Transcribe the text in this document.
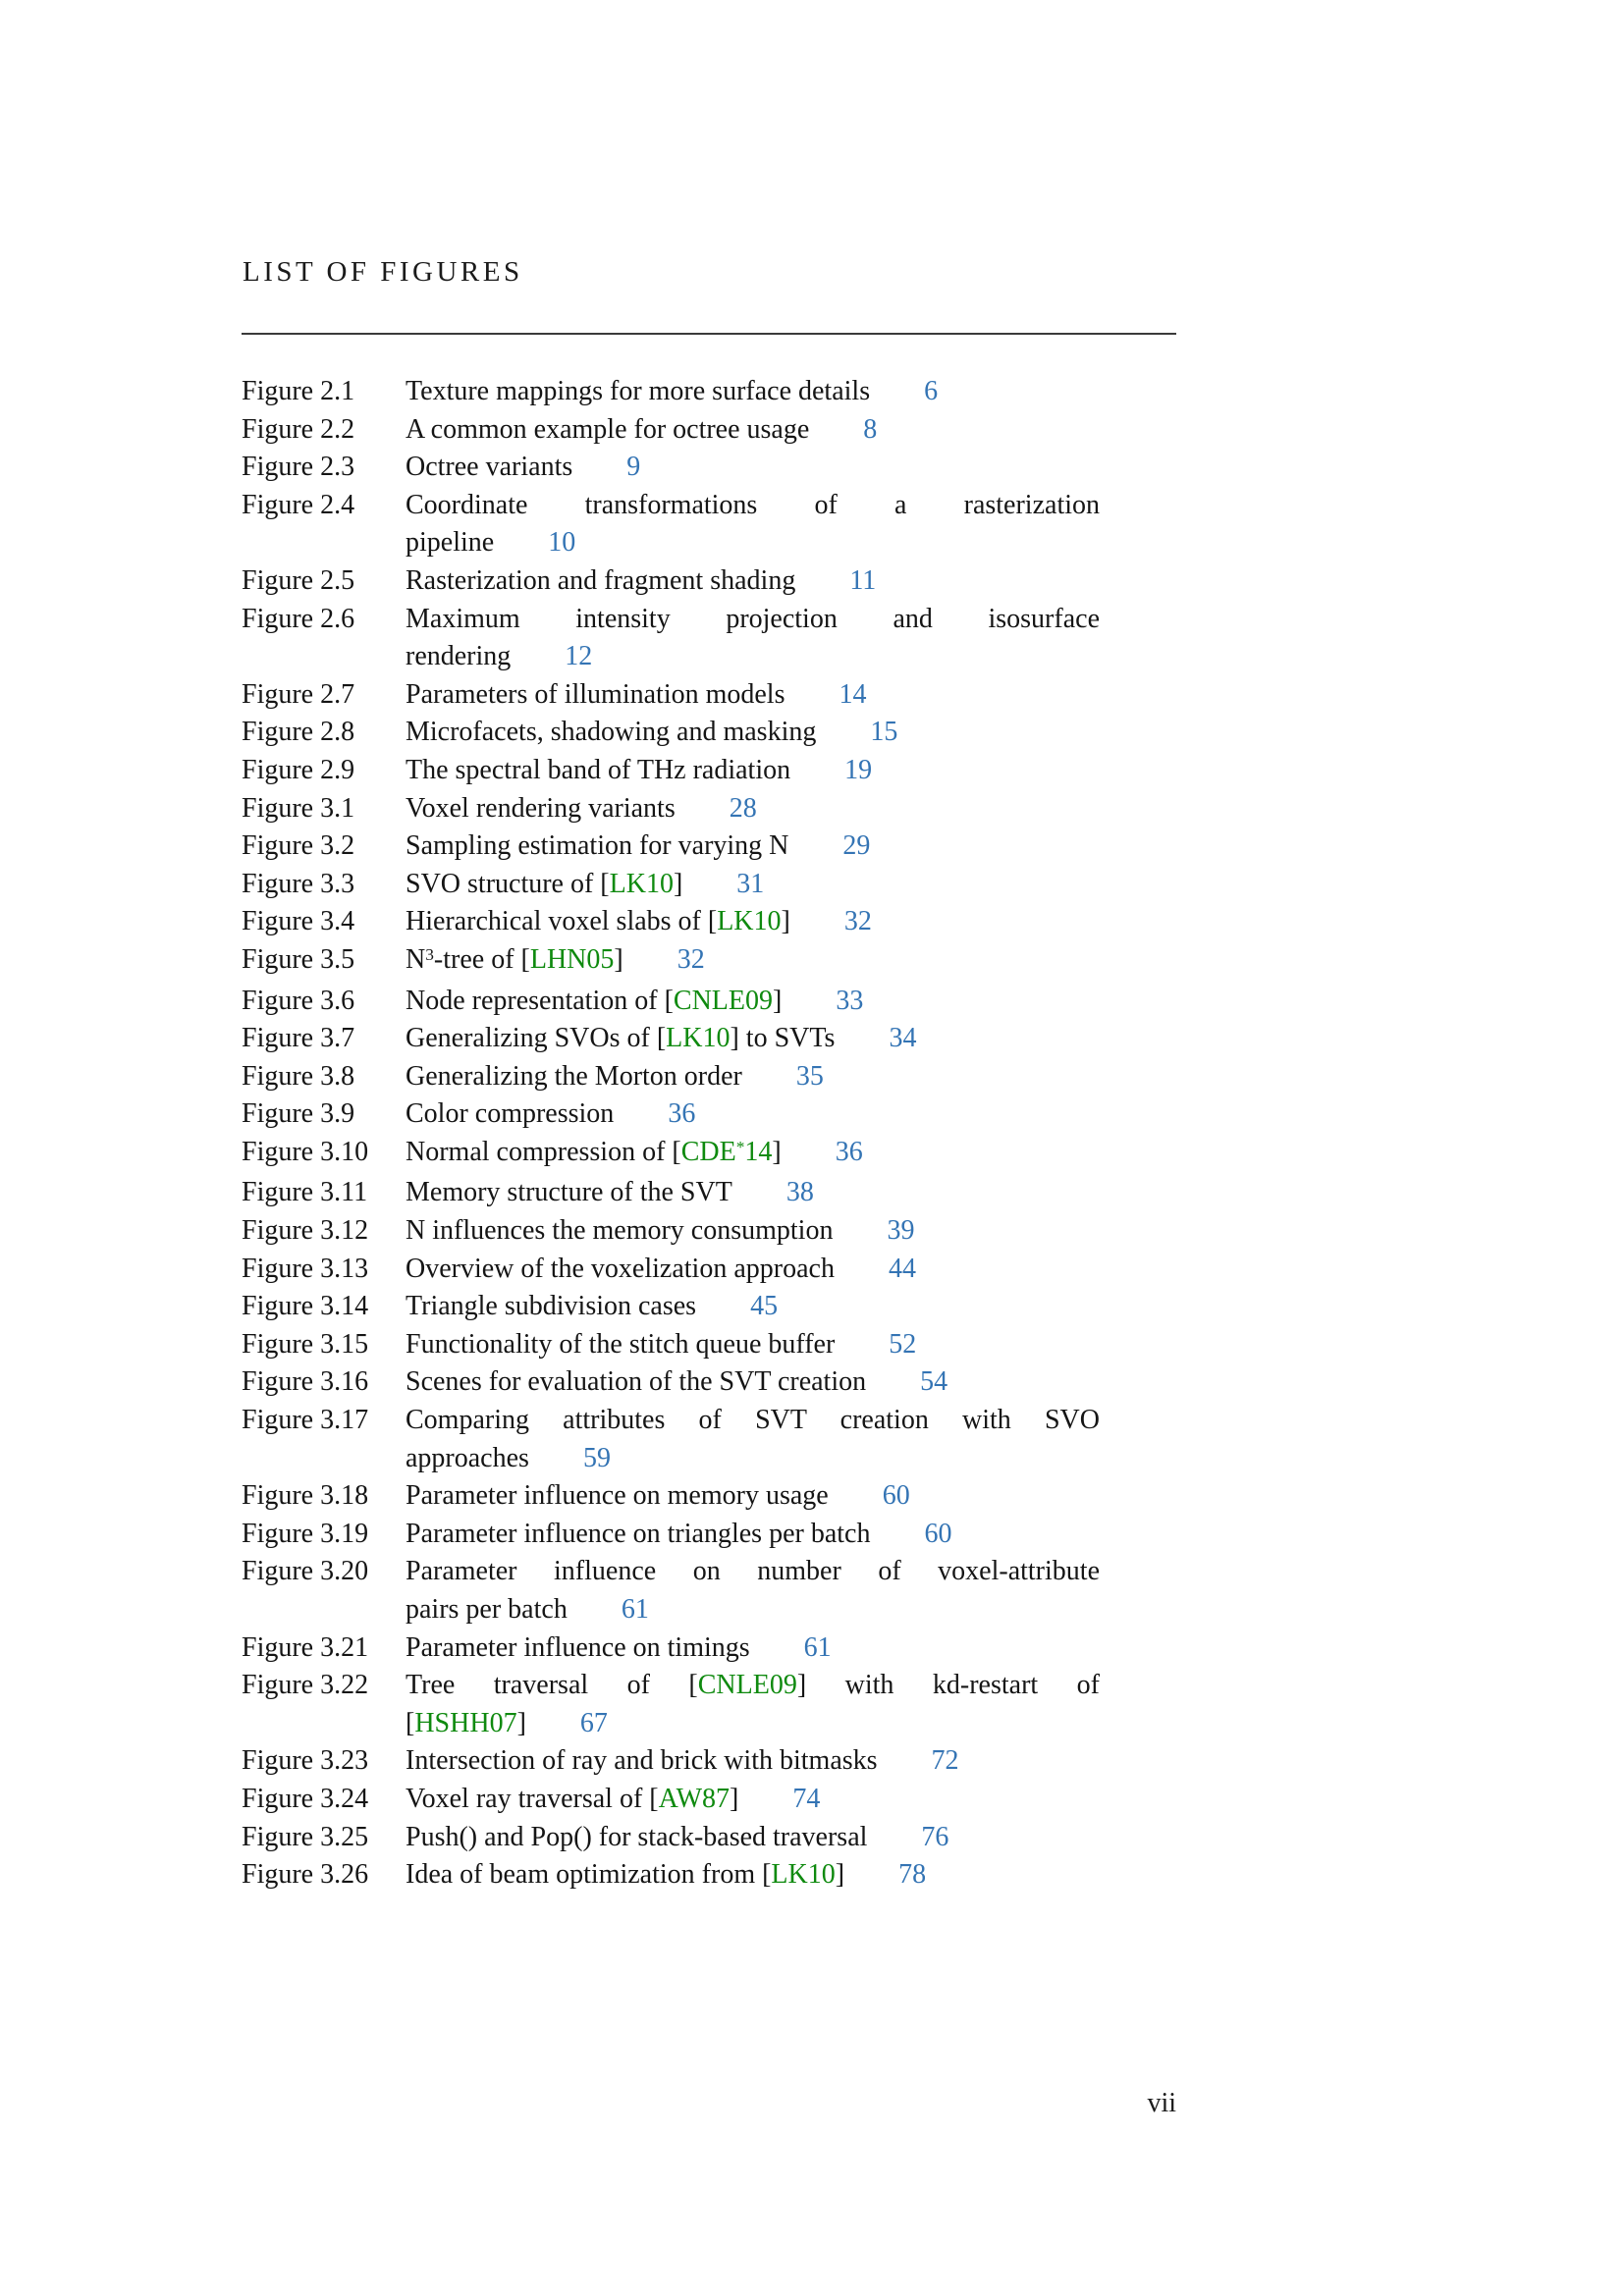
LIST OF FIGURES
Figure 2.1	Texture mappings for more surface details 6
Figure 2.2	A common example for octree usage 8
Figure 2.3	Octree variants 9
Figure 2.4	Coordinate transformations of a rasterization
pipeline 10
Figure 2.5	Rasterization and fragment shading 11
Figure 2.6	Maximum intensity projection and isosurface
rendering 12
Figure 2.7	Parameters of illumination models 14
Figure 2.8	Microfacets, shadowing and masking 15
Figure 2.9	The spectral band of THz radiation 19
Figure 3.1	Voxel rendering variants 28
Figure 3.2	Sampling estimation for varying N 29
Figure 3.3	SVO structure of [LK10] 31
Figure 3.4	Hierarchical voxel slabs of [LK10] 32
Figure 3.5	$N^3$-tree of [LHN05] 32
Figure 3.6	Node representation of [CNLE09] 33
Figure 3.7	Generalizing SVOs of [LK10] to SVTs 34
Figure 3.8	Generalizing the Morton order 35
Figure 3.9	Color compression 36
Figure 3.10	Normal compression of [CDE*14] 36
Figure 3.11	Memory structure of the SVT 38
Figure 3.12	N influences the memory consumption 39
Figure 3.13	Overview of the voxelization approach 44
Figure 3.14	Triangle subdivision cases 45
Figure 3.15	Functionality of the stitch queue buffer 52
Figure 3.16	Scenes for evaluation of the SVT creation 54
Figure 3.17	Comparing attributes of SVT creation with SVO
approaches 59
Figure 3.18	Parameter influence on memory usage 60
Figure 3.19	Parameter influence on triangles per batch 60
Figure 3.20	Parameter influence on number of voxel-attribute
pairs per batch 61
Figure 3.21	Parameter influence on timings 61
Figure 3.22	Tree traversal of [CNLE09] with kd-restart of
[HSHH07] 67
Figure 3.23	Intersection of ray and brick with bitmasks 72
Figure 3.24	Voxel ray traversal of [AW87] 74
Figure 3.25	Push() and Pop() for stack-based traversal 76
Figure 3.26	Idea of beam optimization from [LK10] 78
vii
